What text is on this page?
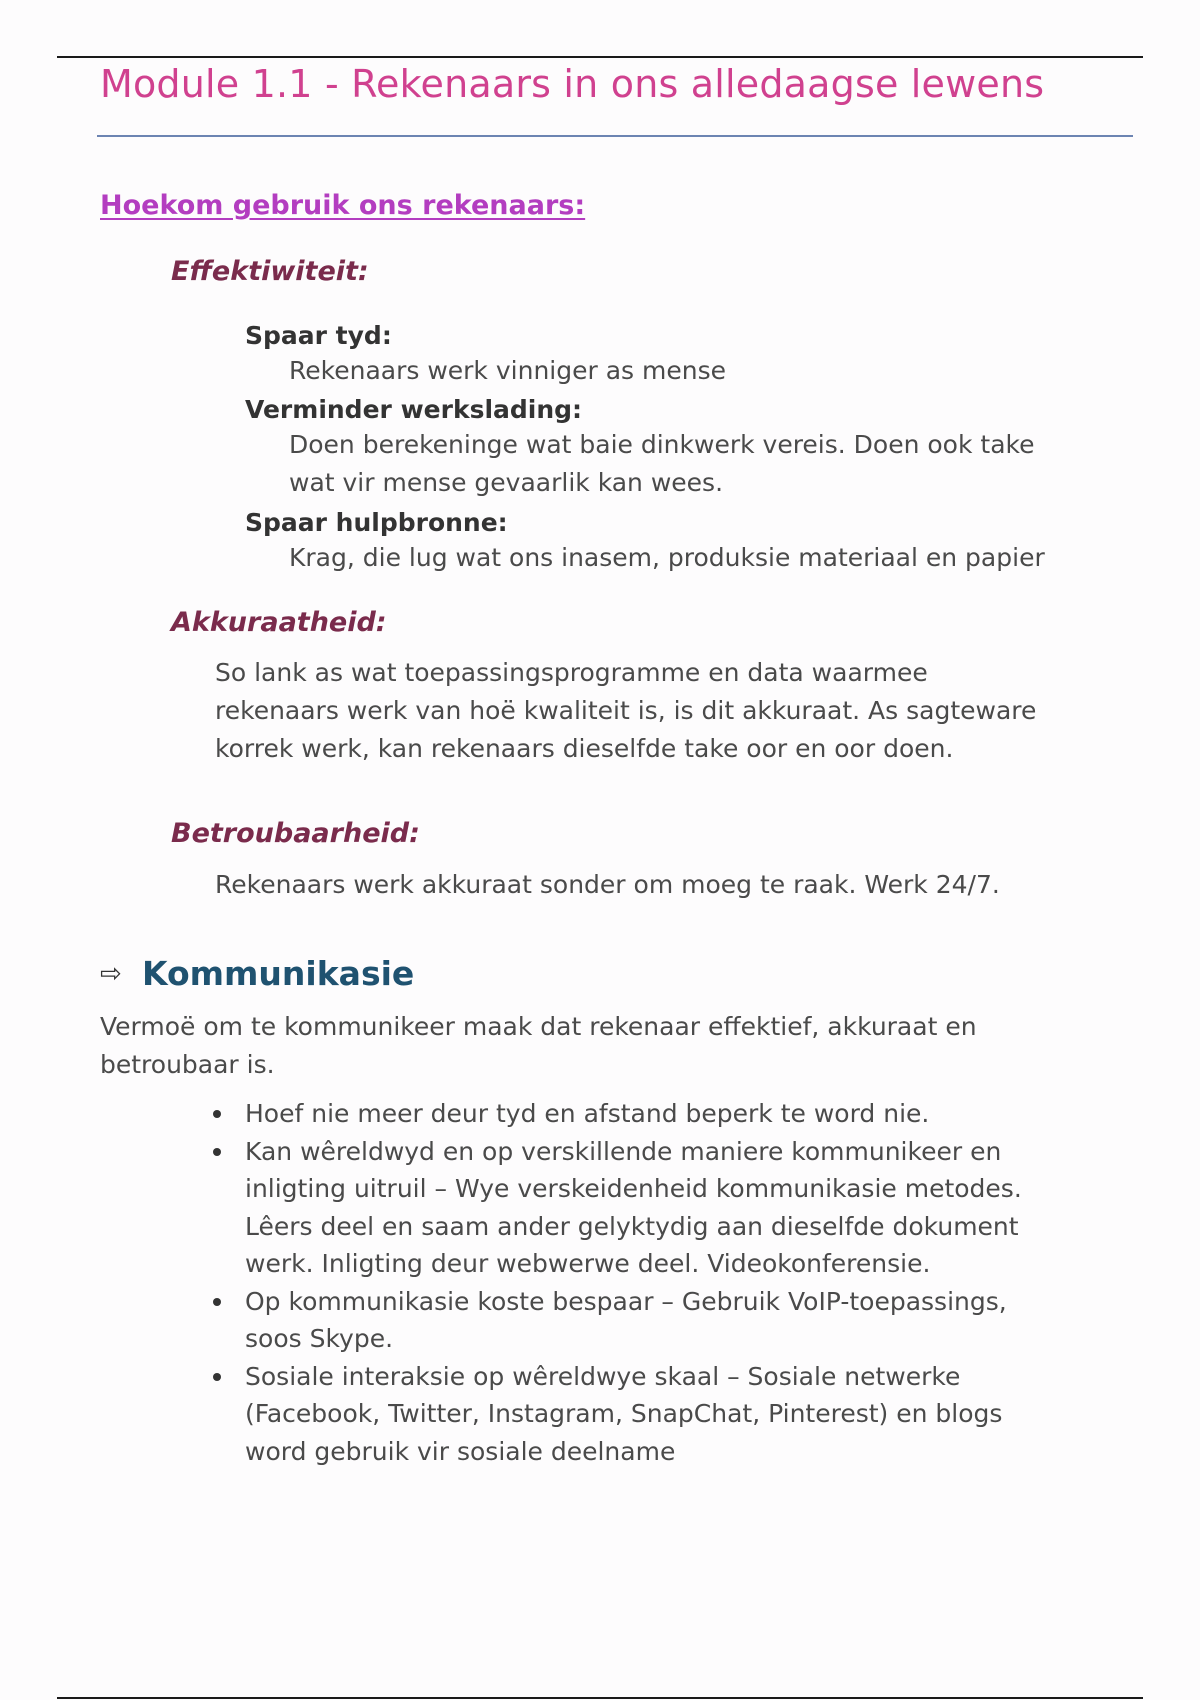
Module 1.1 - Rekenaars in ons alledaagse lewens
Hoekom gebruik ons rekenaars:
Effektiwiteit:
Spaar tyd:
Rekenaars werk vinniger as mense
Verminder werkslading:
Doen berekeninge wat baie dinkwerk vereis. Doen ook take
wat vir mense gevaarlik kan wees.
Spaar hulpbronne:
Krag, die lug wat ons inasem, produksie materiaal en papier
Akkuraatheid:
So lank as wat toepassingsprogramme en data waarmee
rekenaars werk van hoë kwaliteit is, is dit akkuraat. As sagteware
korrek werk, kan rekenaars dieselfde take oor en oor doen.
Betroubaarheid:
Rekenaars werk akkuraat sonder om moeg te raak. Werk 24/7.
⇨ Kommunikasie
Vermoë om te kommunikeer maak dat rekenaar effektief, akkuraat en
betroubaar is.
Hoef nie meer deur tyd en afstand beperk te word nie.
Kan wêreldwyd en op verskillende maniere kommunikeer en
inligting uitruil – Wye verskeidenheid kommunikasie metodes.
Lêers deel en saam ander gelyktydig aan dieselfde dokument
werk. Inligting deur webwerwe deel. Videokonferensie.
Op kommunikasie koste bespaar – Gebruik VoIP-toepassings,
soos Skype.
Sosiale interaksie op wêreldwye skaal – Sosiale netwerke
(Facebook, Twitter, Instagram, SnapChat, Pinterest) en blogs
word gebruik vir sosiale deelname
